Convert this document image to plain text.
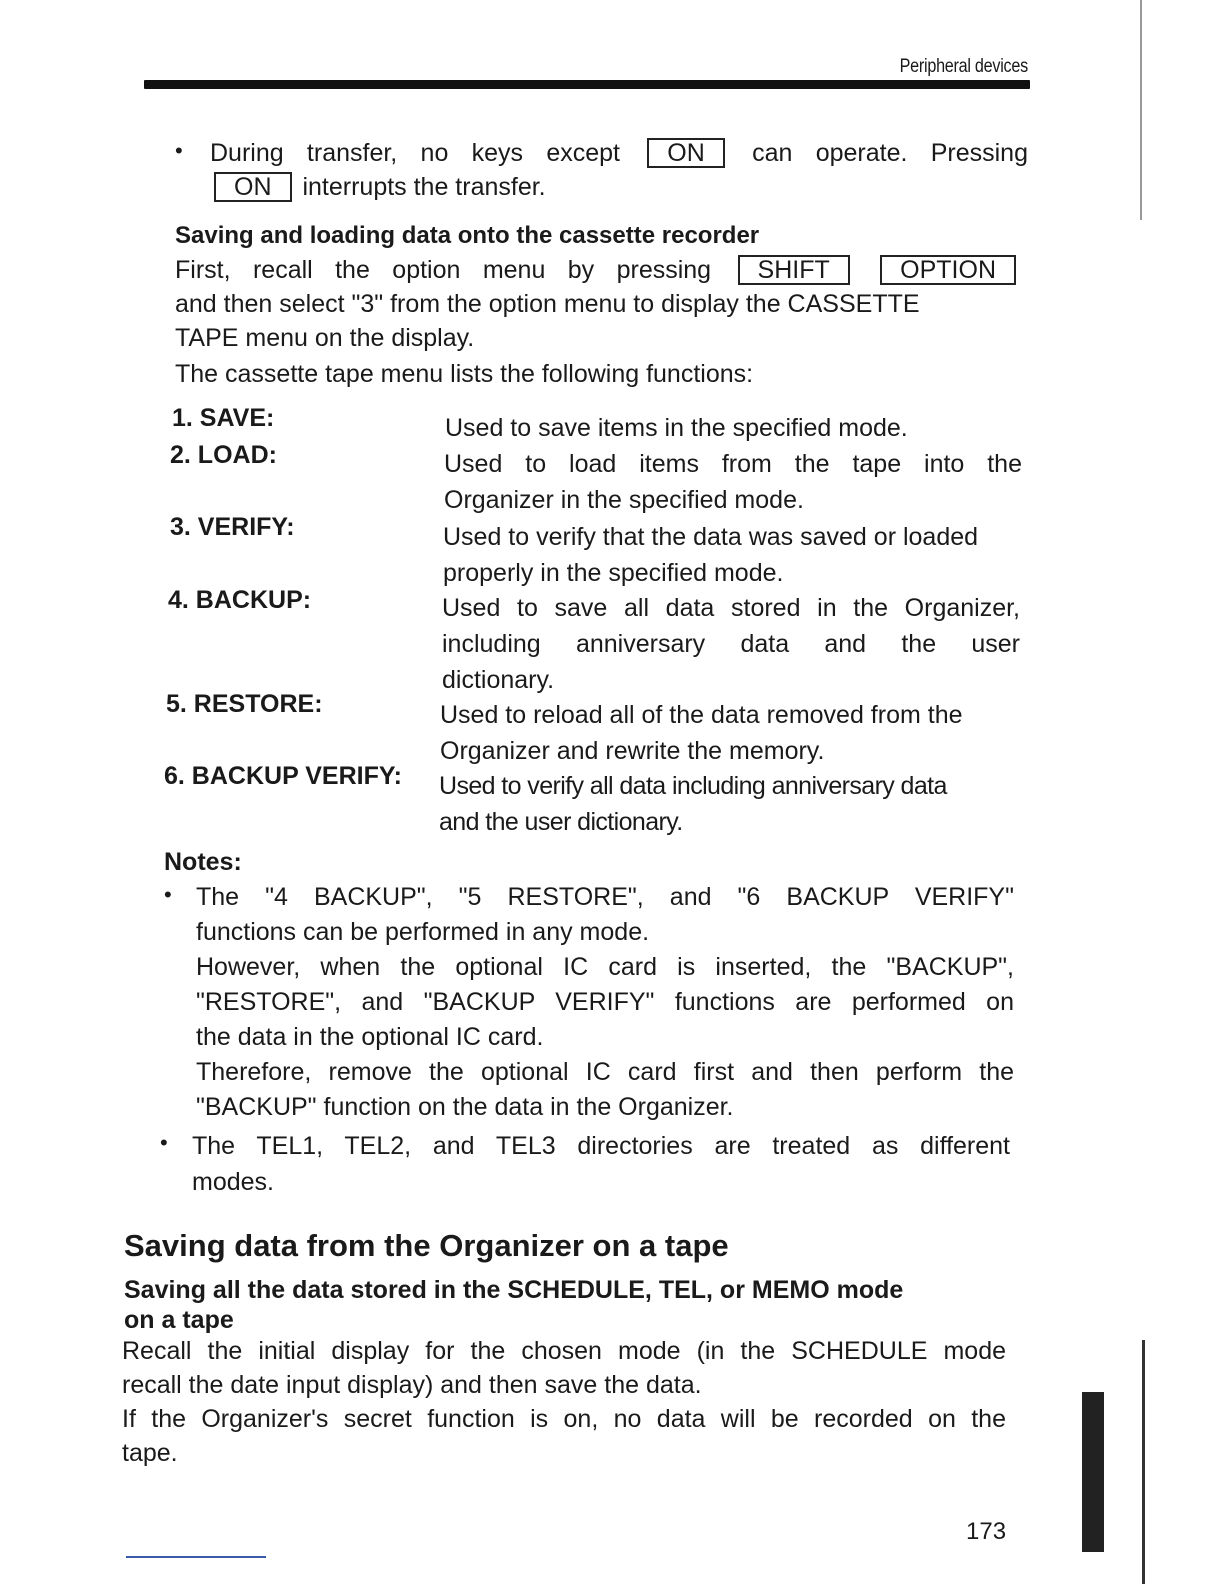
Peripheral devices
• During transfer, no keys except ON can operate. Pressing

ON interrupts the transfer.

Saving and loading data onto the cassette recorder

First, recall the option menu by pressing SHIFT	OPTION

and then select "3" from the option menu to display the CASSETTE

TAPE menu on the display.

The cassette tape menu lists the following functions:

1. SAVE:	Used to save items in the specified mode.
2. LOAD:	Used to load items from the tape into the
Organizer in the specified mode.
3. VERIFY:	Used to verify that the data was saved or loaded
properly in the specified mode.
4. BACKUP:	Used to save all data stored in the Organizer,
including anniversary data and the user
dictionary.
5. RESTORE:	Used to reload all of the data removed from the
Organizer and rewrite the memory.
6. BACKUP VERIFY: Used to verify all data including anniversary data
and the user dictionary.
Notes:
• The "4 BACKUP", "5 RESTORE", and "6 BACKUP VERIFY"
functions can be performed in any mode.
However, when the optional IC card is inserted, the "BACKUP",
"RESTORE", and "BACKUP VERIFY" functions are performed on
the data in the optional IC card.
Therefore, remove the optional IC card first and then perform the
"BACKUP" function on the data in the Organizer.
• The TEL1, TEL2, and TEL3 directories are treated as different
modes.
Saving data from the Organizer on a tape
Saving all the data stored in the SCHEDULE, TEL, or MEMO mode
on a tape
Recall the initial display for the chosen mode (in the SCHEDULE mode
recall the date input display) and then save the data.
If the Organizer's secret function is on, no data will be recorded on the
tape.
173
